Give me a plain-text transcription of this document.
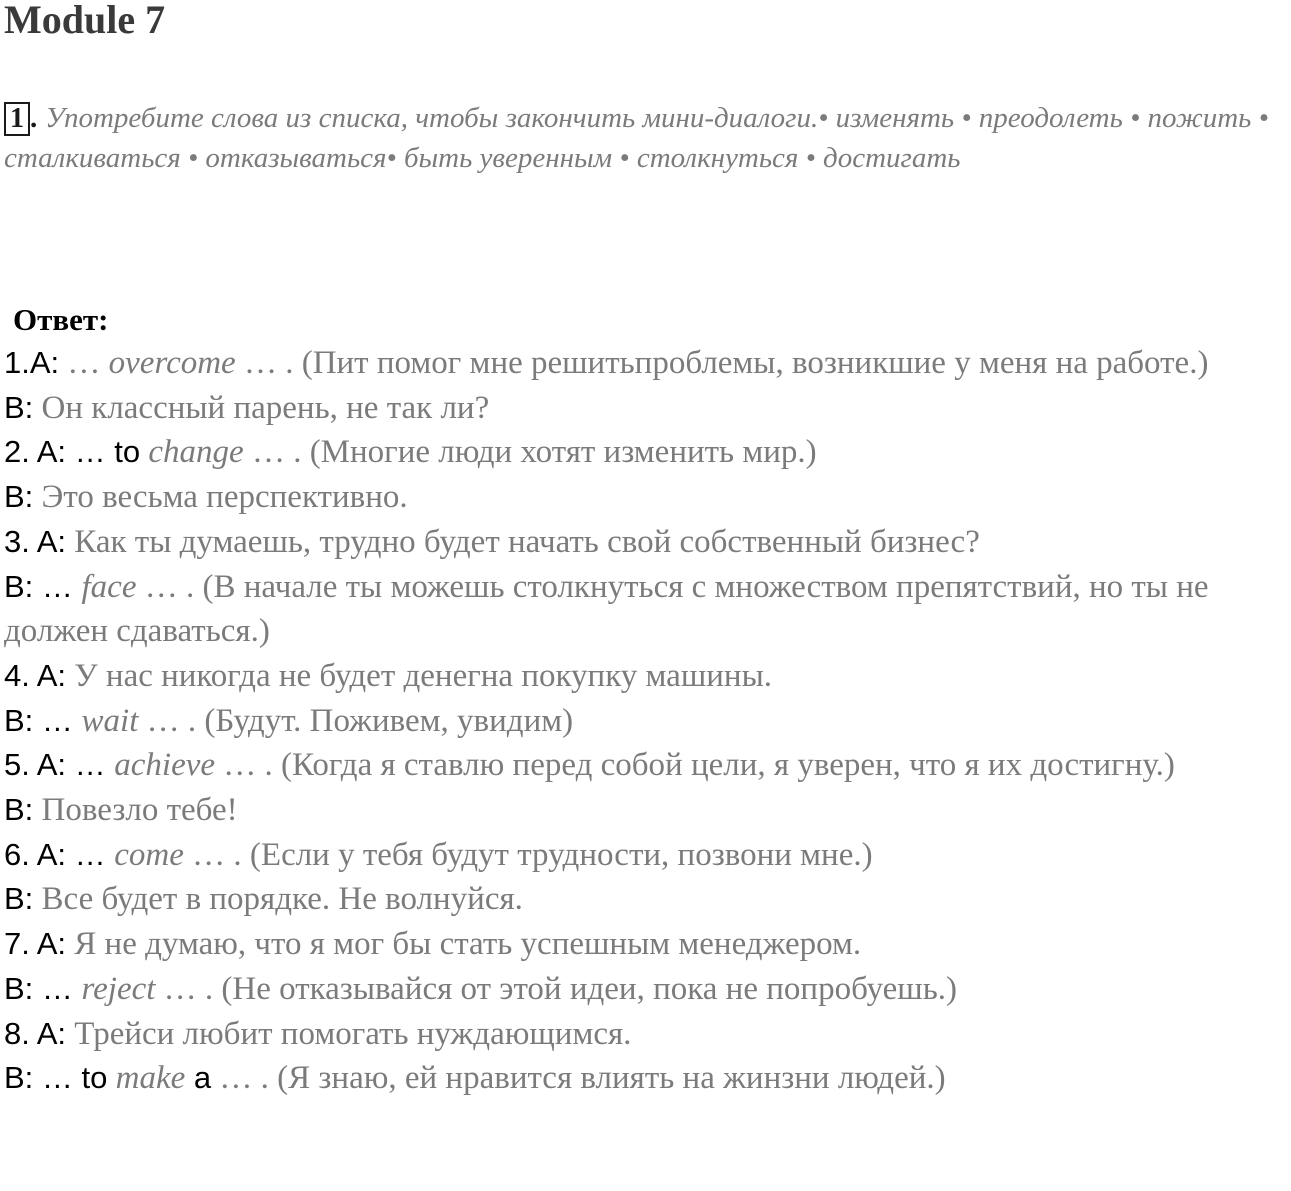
Module 7
1 . Употребите слова из списка, чтобы закончить мини-диалоги.• изменять • преодолеть • пожить • сталкиваться • отказываться• быть уверенным • столкнуться • достигать
Ответ:

1.A: … overcome … . (Пит помог мне решитьпроблемы, возникшие у меня на работе.)

B: Он классный парень, не так ли?

2. A: … to change … . (Многие люди хотят изменить мир.)

B: Это весьма перспективно.

3. A: Как ты думаешь, трудно будет начать свой собственный бизнес?

B: … face … . (В начале ты можешь столкнуться с множеством препятствий, но ты не должен сдаваться.)

4. A: У нас никогда не будет денегна покупку машины.

B: … wait … . (Будут. Поживем, увидим)

5. A: … achieve … . (Когда я ставлю перед собой цели, я уверен, что я их достигну.)

B: Повезло тебе!

6. A: … come … . (Если у тебя будут трудности, позвони мне.)

B: Все будет в порядке. Не волнуйся.

7. A: Я не думаю, что я мог бы стать успешным менеджером.

B: … reject … . (Не отказывайся от этой идеи, пока не попробуешь.)

8. A: Трейси любит помогать нуждающимся.

B: … to make a … . (Я знаю, ей нравится влиять на жинзни людей.)
